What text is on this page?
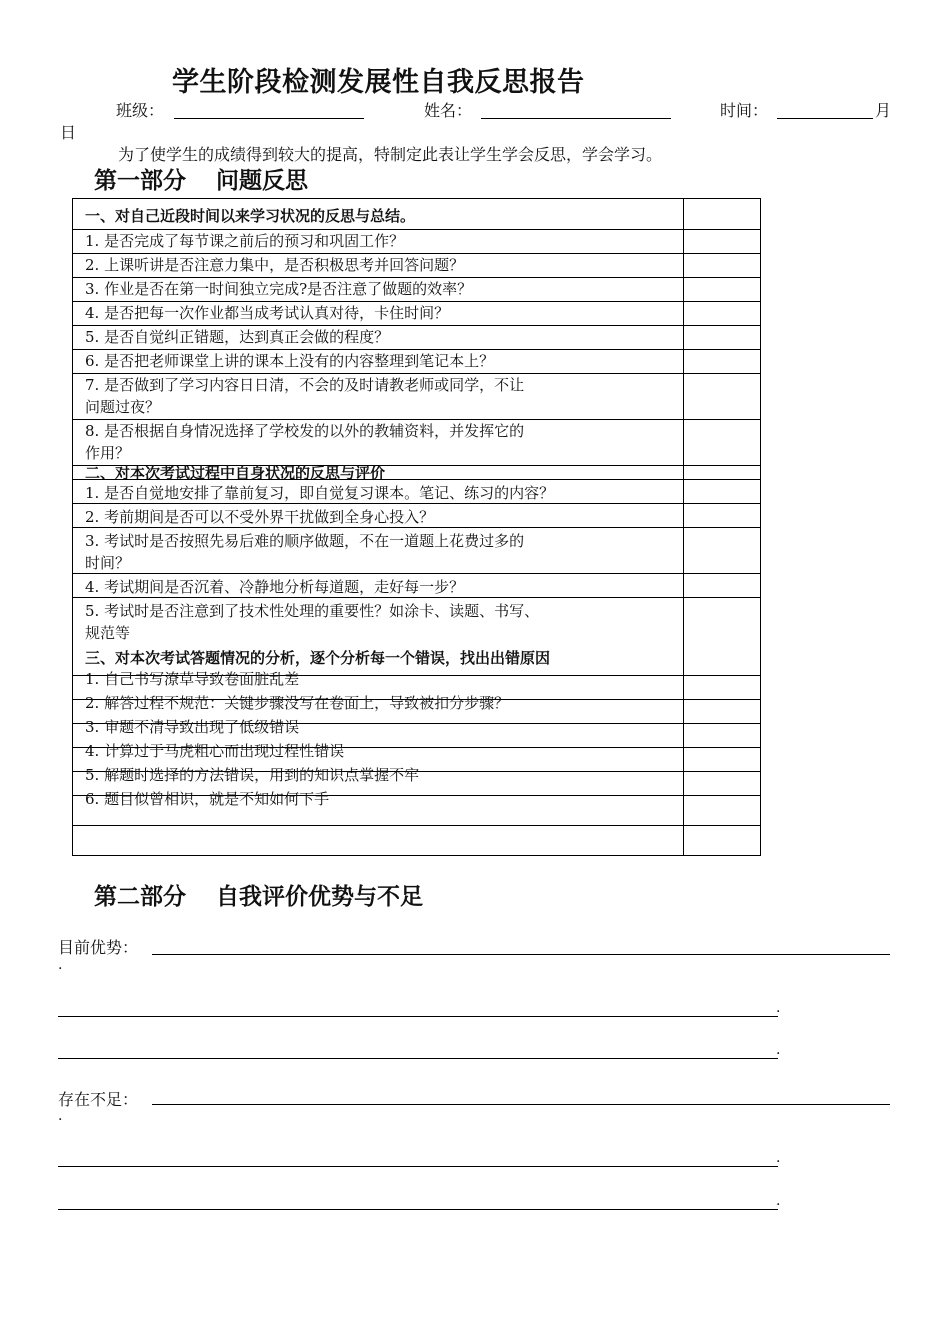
学生阶段检测发展性自我反思报告
班级：	姓名：	时间：	月
日
为了使学生的成绩得到较大的提高，特制定此表让学生学会反思，学会学习。
第一部分 问题反思
一、对自己近段时间以来学习状况的反思与总结。
1. 是否完成了每节课之前后的预习和巩固工作？
2. 上课听讲是否注意力集中，是否积极思考并回答问题？
3. 作业是否在第一时间独立完成?是否注意了做题的效率？
4. 是否把每一次作业都当成考试认真对待，卡住时间？
5. 是否自觉纠正错题，达到真正会做的程度？
6. 是否把老师课堂上讲的课本上没有的内容整理到笔记本上？
7. 是否做到了学习内容日日清，不会的及时请教老师或同学，不让
问题过夜？
8. 是否根据自身情况选择了学校发的以外的教辅资料，并发挥它的
作用？
二、对本次考试过程中自身状况的反思与评价
1. 是否自觉地安排了靠前复习，即自觉复习课本。笔记、练习的内容？
2. 考前期间是否可以不受外界干扰做到全身心投入？
3. 考试时是否按照先易后难的顺序做题，不在一道题上花费过多的
时间？
4. 考试期间是否沉着、冷静地分析每道题，走好每一步？
5. 考试时是否注意到了技术性处理的重要性？如涂卡、读题、书写、
规范等
三、对本次考试答题情况的分析，逐个分析每一个错误，找出出错原因
1. 自己书写潦草导致卷面脏乱差
2. 解答过程不规范：关键步骤没写在卷面上，导致被扣分步骤？
3. 审题不清导致出现了低级错误
4. 计算过于马虎粗心而出现过程性错误
5. 解题时选择的方法错误，用到的知识点掌握不牢
6. 题目似曾相识，就是不知如何下手
第二部分 自我评价优势与不足
目前优势：
.
.
.
存在不足：
.
.
.
